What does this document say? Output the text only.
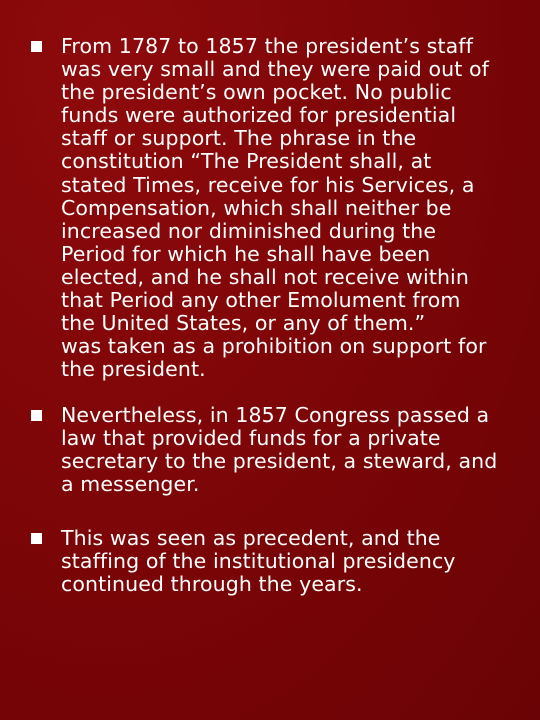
From 1787 to 1857 the president’s staff
was very small and they were paid out of
the president’s own pocket. No public
funds were authorized for presidential
staff or support. The phrase in the
constitution “The President shall, at
stated Times, receive for his Services, a
Compensation, which shall neither be
increased nor diminished during the
Period for which he shall have been
elected, and he shall not receive within
that Period any other Emolument from
the United States, or any of them.”
was taken as a prohibition on support for
the president.
Nevertheless, in 1857 Congress passed a
law that provided funds for a private
secretary to the president, a steward, and
a messenger.
This was seen as precedent, and the
staffing of the institutional presidency
continued through the years.
